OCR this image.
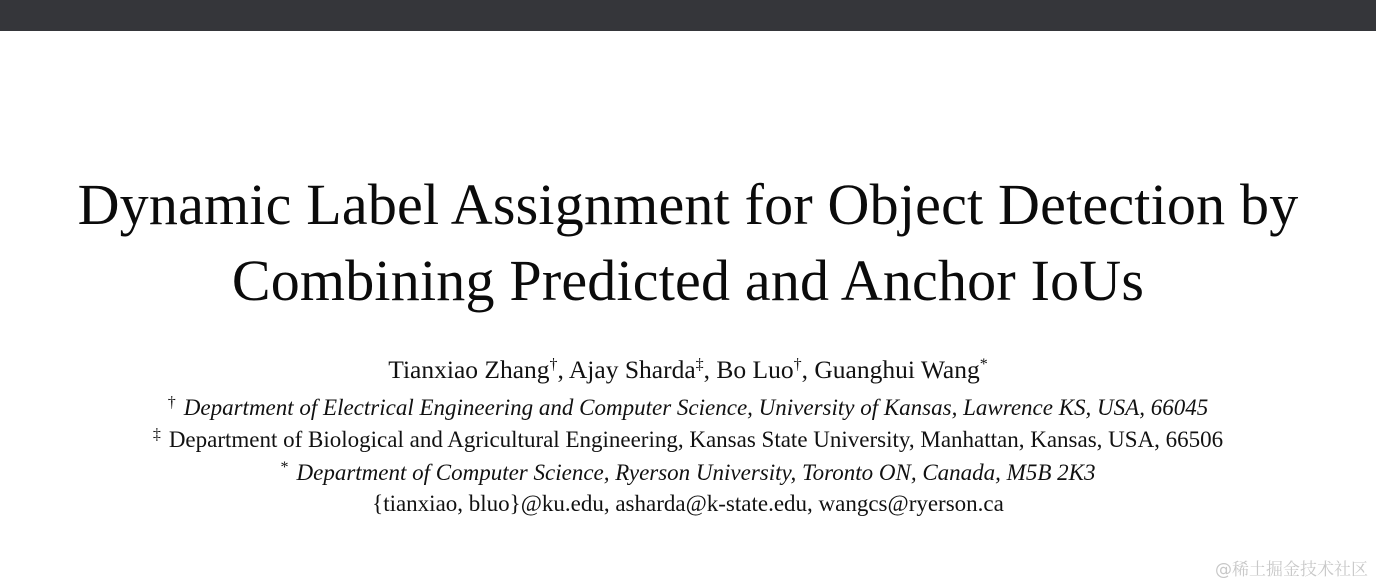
Dynamic Label Assignment for Object Detection by
Combining Predicted and Anchor IoUs
Tianxiao Zhang†, Ajay Sharda‡, Bo Luo†, Guanghui Wang*
† Department of Electrical Engineering and Computer Science, University of Kansas, Lawrence KS, USA, 66045
‡ Department of Biological and Agricultural Engineering, Kansas State University, Manhattan, Kansas, USA, 66506
* Department of Computer Science, Ryerson University, Toronto ON, Canada, M5B 2K3
{tianxiao, bluo}@ku.edu, asharda@k-state.edu, wangcs@ryerson.ca
@稀土掘金技术社区
